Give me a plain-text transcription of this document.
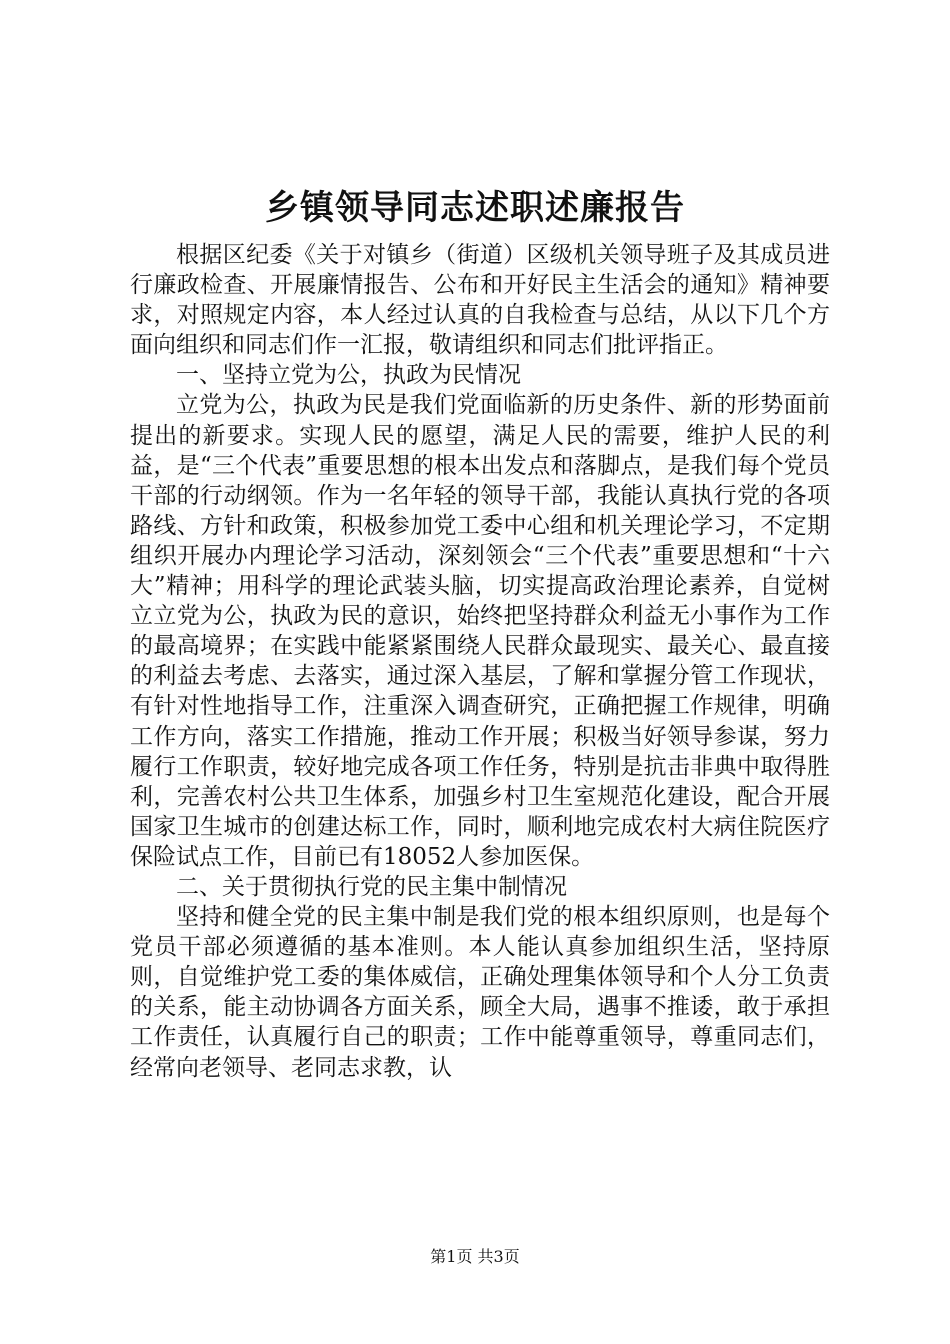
乡镇领导同志述职述廉报告

根据区纪委《关于对镇乡（街道）区级机关领导班子及其成员进行廉政检查、开展廉情报告、公布和开好民主生活会的通知》精神要求，对照规定内容，本人经过认真的自我检查与总结，从以下几个方面向组织和同志们作一汇报，敬请组织和同志们批评指正。

一、坚持立党为公，执政为民情况

立党为公，执政为民是我们党面临新的历史条件、新的形势面前提出的新要求。实现人民的愿望，满足人民的需要，维护人民的利益，是“三个代表”重要思想的根本出发点和落脚点，是我们每个党员干部的行动纲领。作为一名年轻的领导干部，我能认真执行党的各项路线、方针和政策，积极参加党工委中心组和机关理论学习，不定期组织开展办内理论学习活动，深刻领会“三个代表”重要思想和“十六大”精神；用科学的理论武装头脑，切实提高政治理论素养，自觉树立立党为公，执政为民的意识，始终把坚持群众利益无小事作为工作的最高境界；在实践中能紧紧围绕人民群众最现实、最关心、最直接的利益去考虑、去落实，通过深入基层，了解和掌握分管工作现状，有针对性地指导工作，注重深入调查研究，正确把握工作规律，明确工作方向，落实工作措施，推动工作开展；积极当好领导参谋，努力履行工作职责，较好地完成各项工作任务，特别是抗击非典中取得胜利，完善农村公共卫生体系，加强乡村卫生室规范化建设，配合开展国家卫生城市的创建达标工作，同时，顺利地完成农村大病住院医疗保险试点工作，目前已有18052人参加医保。

二、关于贯彻执行党的民主集中制情况

坚持和健全党的民主集中制是我们党的根本组织原则，也是每个党员干部必须遵循的基本准则。本人能认真参加组织生活，坚持原则，自觉维护党工委的集体威信，正确处理集体领导和个人分工负责的关系，能主动协调各方面关系，顾全大局，遇事不推诿，敢于承担工作责任，认真履行自己的职责；工作中能尊重领导，尊重同志们，经常向老领导、老同志求教，认

第1页 共3页
